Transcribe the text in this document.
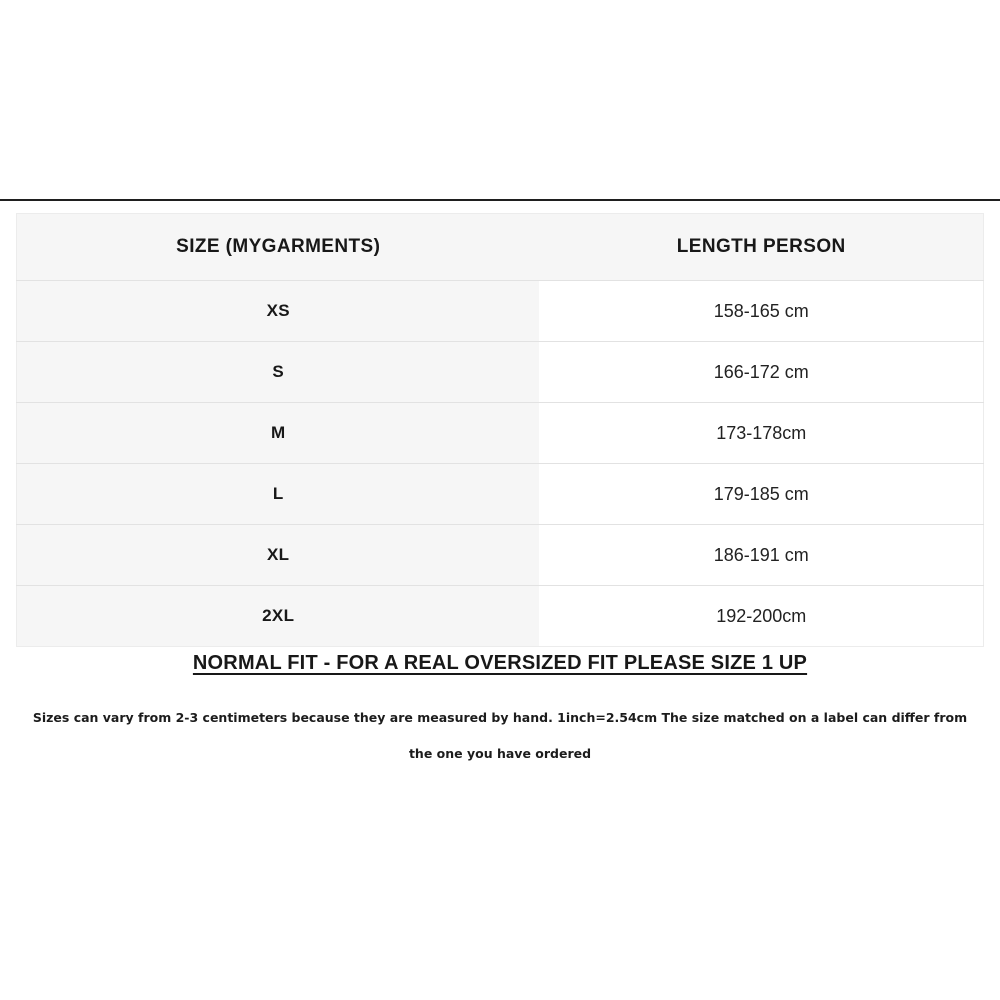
SIZE (MYGARMENTS)	LENGTH PERSON
XS	158-165 cm
S	166-172 cm
M	173-178cm
L	179-185 cm
XL	186-191 cm
2XL	192-200cm
NORMAL FIT - FOR A REAL OVERSIZED FIT PLEASE SIZE 1 UP

Sizes can vary from 2-3 centimeters because they are measured by hand. 1inch=2.54cm The size matched on a label can differ from the one you have ordered
